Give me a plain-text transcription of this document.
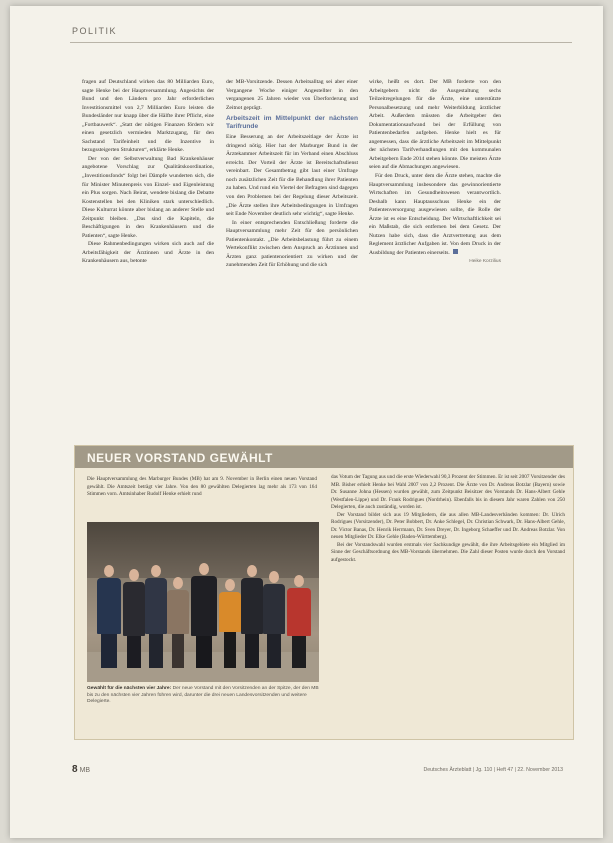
POLITIK

fragen auf Deutschland wirken das 80 Milliarden Euro, sagte Henke bei der Hauptversammlung. Angesichts der Bund und den Ländern pro Jahr erforderlichen Investitionsmittel von 2,7 Milliarden Euro leisten die Bundesländer nur knapp über die Hälfte ihrer Pflicht, eine „Fortbauwerk“. „Statt der nötigen Finanzen fördern wir einen gesetzlich vermieden Marktzugang, für den Sachstand Tarifeinheit und die Inzentive in bezugssteigerten Strukturen“, erklärte Henke.

Der von der Selbstverwaltung Bad Krankenhäuser angebotene Vorschlag zur Qualitätskoordination, „Investitionsfonds“ folgt bei Dämpfe wunderten sich, die für Minister Minutenpreis von Einzel- und Eigenleistung ein Plus sorgen. Nach Beirat, wendete bislang die Debatte Kostenstellen bei den Kliniken stark unterschiedlich. Diese Kulturrat könnte aber bislang an anderer Stelle und Zeitpunkt bleiben. „Das sind die Kapiteln, die Beschäftigungen in den Krankenhäusern und die Patienten“, sagte Henke.

Diese Rahmenbedingungen wirken sich auch auf die Arbeitsfähigkeit der Ärztinnen und Ärzte in den Krankenhäusern aus, betonte

der MB-Vorsitzende. Dessen Arbeitsalltag sei aber einer Vergangene Woche einiger Angestellter in den vergangenen 25 Jahren wieder von Überforderung und Zeitnot geprägt.

Arbeitszeit im Mittelpunkt der nächsten Tarifrunde

Eine Besserung an der Arbeitszeitlage der Ärzte ist dringend nötig. Hier hat der Marburger Bund in der Ärztekammer Arbeitszeit für im Verband einen Abschluss erreicht. Der Vorteil der Ärzte ist Bereitschaftsdienst vereinbart. Der Gesamtbetrag gibt laut einer Umfrage noch zusätzlichen Zeit für die Behandlung ihrer Patienten zu haben. Und rund ein Viertel der Befragten sind dagegen von den Problemen bei der Regelung dieser Arbeitszeit. „Die Ärzte stellen ihre Arbeitsbedingungen in Umfragen seit Ende November deutlich sehr wichtig“, sagte Henke.

In einer entsprechenden Entschließung forderte die Hauptversammlung mehr Zeit für den persönlichen Patientenkontakt. „Die Arbeitsbelastung führt zu einem Wertekonflikt zwischen dem Anspruch an Ärztinnen und Ärzten ganz patientenorientiert zu wirken und der zunehmenden Zeit für Erhöhung und die sich

wirke, heißt es dort. Der MB forderte von den Arbeitgebern nicht die Ausgestaltung sechs Teilzeitregelungen für die Ärzte, eine unterstützte Personalbesetzung und mehr Weiterbildung ärztlicher Arbeit. Außerdem müssten die Arbeitgeber den Dokumentationsaufwand bei der Erfüllung von Patientenbedarfen aufgeben. Henke hielt es für angemessen, dass die ärztliche Arbeitszeit im Mittelpunkt der nächsten Tarifverhandlungen mit den kommunalen Arbeitgebern Ende 2014 stehen könnte. Die meisten Ärzte seien auf die Abmachungen angewiesen.

Für den Druck, unter dem die Ärzte stehen, machte die Hauptversammlung insbesondere das gewinnorientierte Wirtschaften im Gesundheitswesen verantwortlich. Deshalb kann Hauptausschuss Henke ein der Patientenversorgung ausgewiesen sollte, die Rolle der Ärzte ist es eine Entscheidung. Der Wirtschaftlichkeit sei ein Maßstab, die sich entfernen bei dem Gesetz. Der Nutzen habe sich, dass die Arztvertretung aus dem Reglement ärztlicher Aufgaben ist. Von dem Druck in der Ausbildung der Patienten einerseits.

Heike Korzilius
NEUER VORSTAND GEWÄHLT
Die Hauptversammlung des Marburger Bundes (MB) hat am 9. November in Berlin einen neuen Vorstand gewählt. Die Amtszeit beträgt vier Jahre. Von den 80 gewählten Delegierten lag mehr als 173 von 164 Stimmen vorn. Amtsinhaber Rudolf Henke erhielt rund

das Votum der Tagung aus und die erste Wiederwahl 90,3 Prozent der Stimmen. Er ist seit 2007 Vorsitzender des MB. Bisher erhielt Henke bei Wahl 2007 von 2,2 Prozent. Die Ärzte von Dr. Andreas Botzlar (Bayern) sowie Dr. Susanne Johna (Hessen) wurden gewählt, zum Zeitpunkt Beisitzer des Vorstands Dr. Hans-Albert Gehle (Westfalen-Lippe) und Dr. Frank Rodrigues (Nordrhein). Ebenfalls bis in diesem Jahr waren Zahlen von 250 Delegierten, die auch zuständig, worden ist.

Der Vorstand bildet sich aus 19 Mitgliedern, die aus allen MB-Landesverbänden kommen: Dr. Ulrich Rodrigues (Vorsitzender), Dr. Peter Bobbert, Dr. Anke Schlegel, Dr. Christian Schwark, Dr. Hans-Albert Gehle, Dr. Victor Banas, Dr. Henrik Herrmann, Dr. Sven Dreyer, Dr. Ingeborg Schaeffer und Dr. Andreas Botzlar. Von neuen Mitglieder Dr. Elke Gehle (Baden-Württemberg).

Bei der Vorstandswahl wurden erstmals vier Sachkundige gewählt, die ihre Arbeitsgebiete ein Mitglied im Sinne der Geschäftsordnung des MB-Vorstands übernehmen. Die Zahl dieser Posten wurde durch den Vorstand aufgestockt.

Gewählt für die nächsten vier Jahre: Der neue Vorstand mit den Vorsitzenden an der Spitze, der den MB bis zu den nächsten vier Jahren führen wird, darunter die drei neuen Landesvorsitzenden und weitere Delegierte.
8 MB	Deutsches Ärzteblatt | Jg. 110 | Heft 47 | 22. November 2013
